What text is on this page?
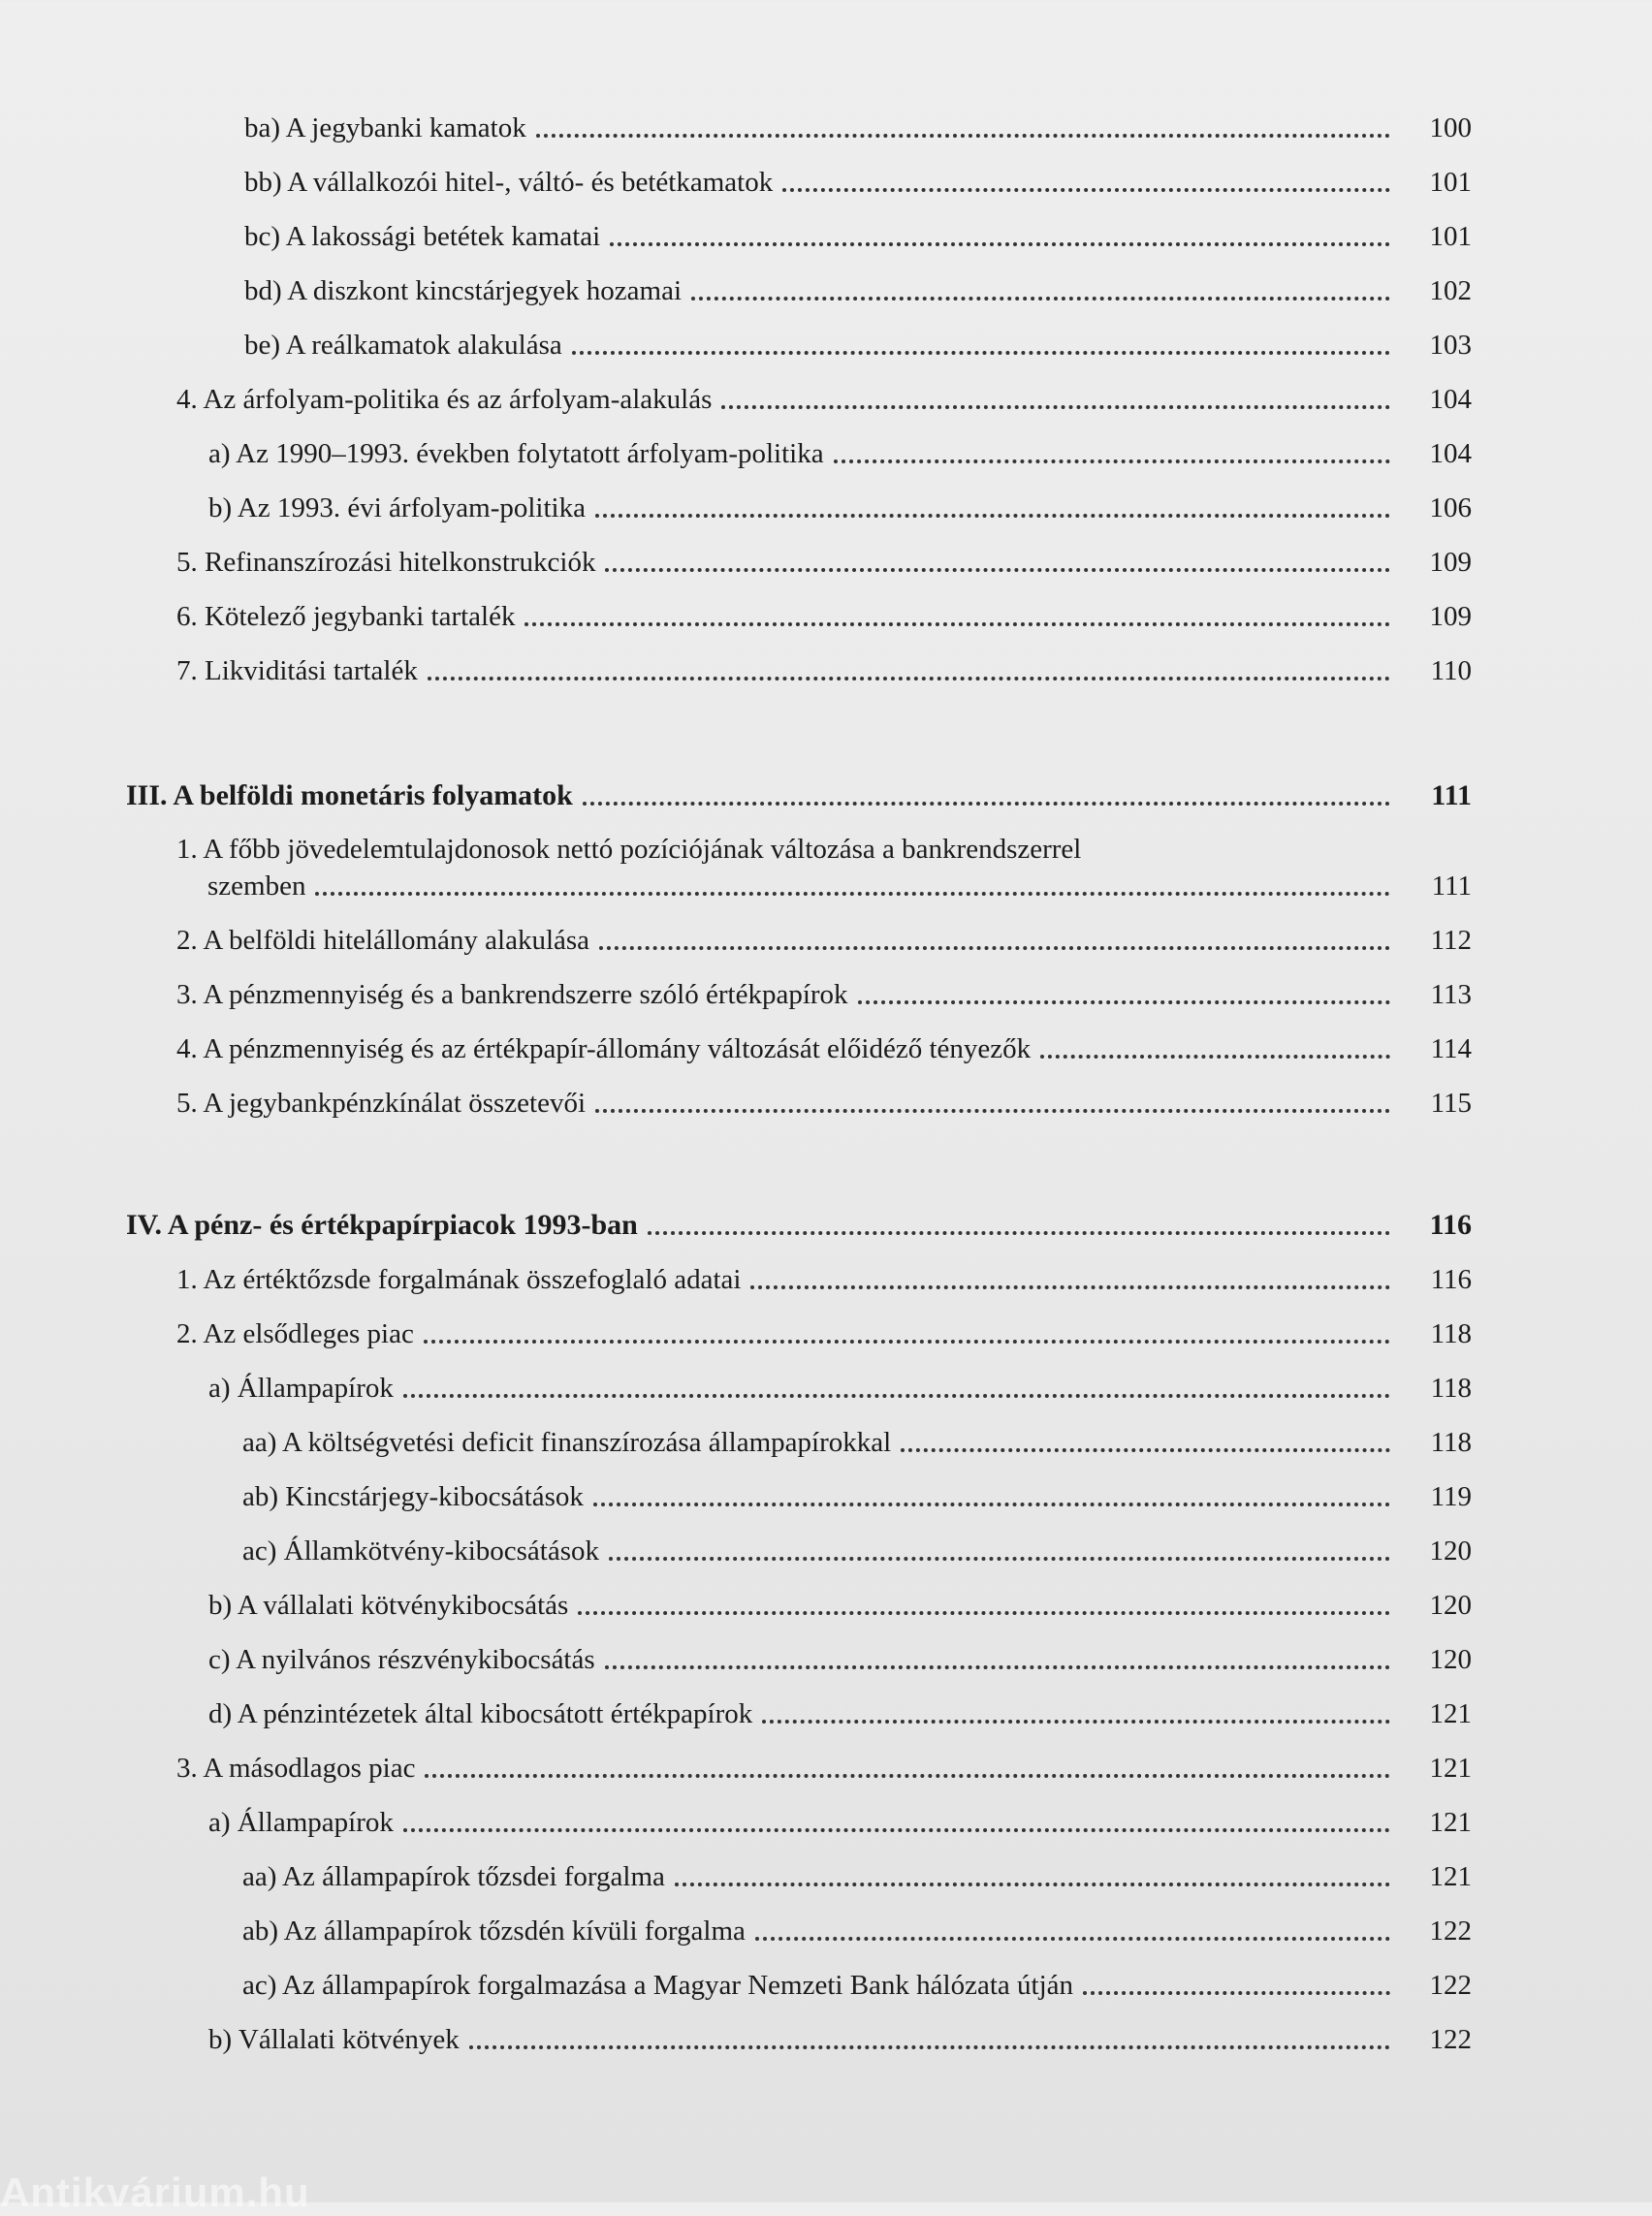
ba) A jegybanki kamatok	100
bb) A vállalkozói hitel-, váltó- és betétkamatok	101
bc) A lakossági betétek kamatai	101
bd) A diszkont kincstárjegyek hozamai	102
be) A reálkamatok alakulása	103
4. Az árfolyam-politika és az árfolyam-alakulás	104
a) Az 1990–1993. években folytatott árfolyam-politika	104
b) Az 1993. évi árfolyam-politika	106
5. Refinanszírozási hitelkonstrukciók	109
6. Kötelező jegybanki tartalék	109
7. Likviditási tartalék	110
III. A belföldi monetáris folyamatok	111
1. A főbb jövedelemtulajdonosok nettó pozíciójának változása a bankrendszerrel
szemben	111
2. A belföldi hitelállomány alakulása	112
3. A pénzmennyiség és a bankrendszerre szóló értékpapírok	113
4. A pénzmennyiség és az értékpapír-állomány változását előidéző tényezők	114
5. A jegybankpénzkínálat összetevői	115
IV. A pénz- és értékpapírpiacok 1993-ban	116
1. Az értéktőzsde forgalmának összefoglaló adatai	116
2. Az elsődleges piac	118
a) Állampapírok	118
aa) A költségvetési deficit finanszírozása állampapírokkal	118
ab) Kincstárjegy-kibocsátások	119
ac) Államkötvény-kibocsátások	120
b) A vállalati kötvénykibocsátás	120
c) A nyilvános részvénykibocsátás	120
d) A pénzintézetek által kibocsátott értékpapírok	121
3. A másodlagos piac	121
a) Állampapírok	121
aa) Az állampapírok tőzsdei forgalma	121
ab) Az állampapírok tőzsdén kívüli forgalma	122
ac) Az állampapírok forgalmazása a Magyar Nemzeti Bank hálózata útján	122
b) Vállalati kötvények	122
Antikvárium.hu
